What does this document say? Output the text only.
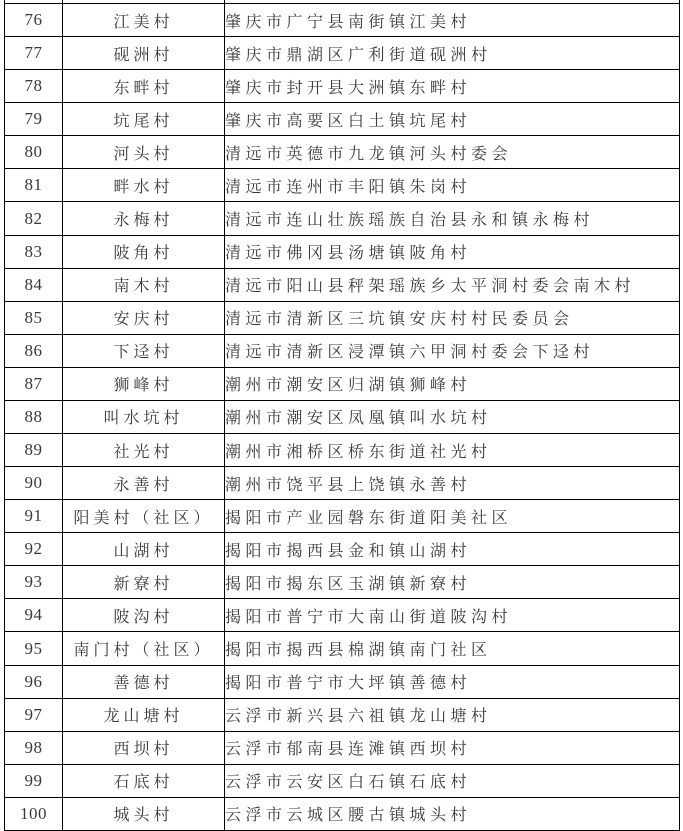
76	江美村	肇庆市广宁县南街镇江美村
77	砚洲村	肇庆市鼎湖区广利街道砚洲村
78	东畔村	肇庆市封开县大洲镇东畔村
79	坑尾村	肇庆市高要区白土镇坑尾村
80	河头村	清远市英德市九龙镇河头村委会
81	畔水村	清远市连州市丰阳镇朱岗村
82	永梅村	清远市连山壮族瑶族自治县永和镇永梅村
83	陂角村	清远市佛冈县汤塘镇陂角村
84	南木村	清远市阳山县秤架瑶族乡太平洞村委会南木村
85	安庆村	清远市清新区三坑镇安庆村村民委员会
86	下迳村	清远市清新区浸潭镇六甲洞村委会下迳村
87	狮峰村	潮州市潮安区归湖镇狮峰村
88	叫水坑村	潮州市潮安区凤凰镇叫水坑村
89	社光村	潮州市湘桥区桥东街道社光村
90	永善村	潮州市饶平县上饶镇永善村
91	阳美村（社区）	揭阳市产业园磐东街道阳美社区
92	山湖村	揭阳市揭西县金和镇山湖村
93	新寮村	揭阳市揭东区玉湖镇新寮村
94	陂沟村	揭阳市普宁市大南山街道陂沟村
95	南门村（社区）	揭阳市揭西县棉湖镇南门社区
96	善德村	揭阳市普宁市大坪镇善德村
97	龙山塘村	云浮市新兴县六祖镇龙山塘村
98	西坝村	云浮市郁南县连滩镇西坝村
99	石底村	云浮市云安区白石镇石底村
100	城头村	云浮市云城区腰古镇城头村
